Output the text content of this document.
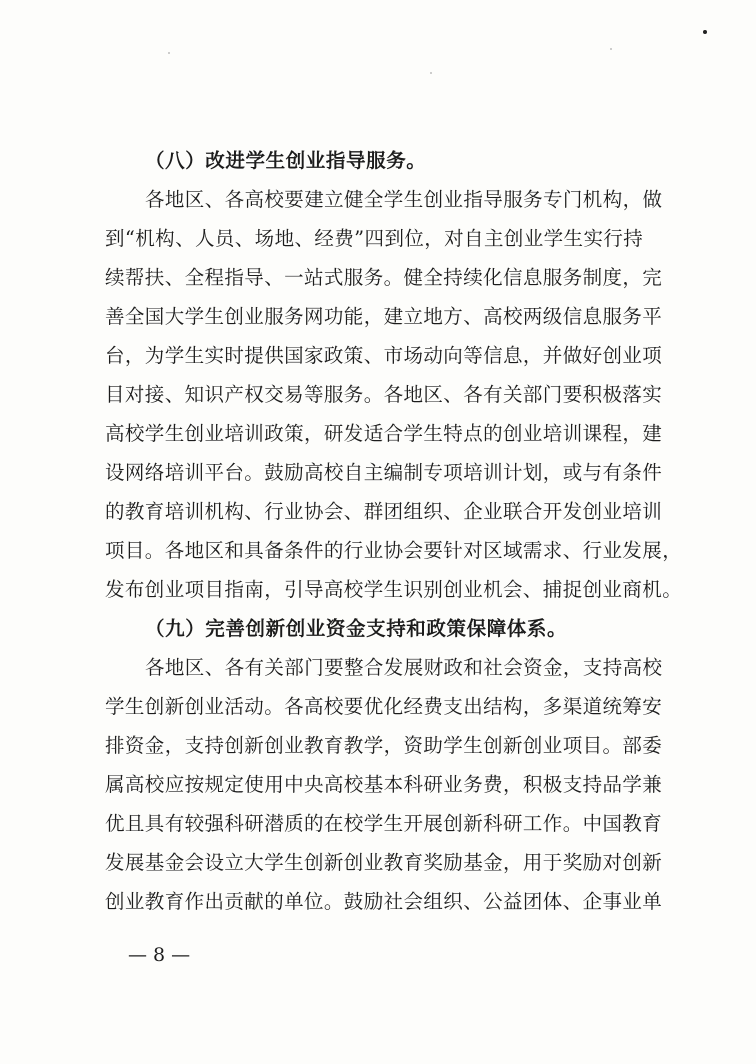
（八）改进学生创业指导服务。
各地区、各高校要建立健全学生创业指导服务专门机构，做
到“机构、人员、场地、经费”四到位，对自主创业学生实行持
续帮扶、全程指导、一站式服务。健全持续化信息服务制度，完
善全国大学生创业服务网功能，建立地方、高校两级信息服务平
台，为学生实时提供国家政策、市场动向等信息，并做好创业项
目对接、知识产权交易等服务。各地区、各有关部门要积极落实
高校学生创业培训政策，研发适合学生特点的创业培训课程，建
设网络培训平台。鼓励高校自主编制专项培训计划，或与有条件
的教育培训机构、行业协会、群团组织、企业联合开发创业培训
项目。各地区和具备条件的行业协会要针对区域需求、行业发展，
发布创业项目指南，引导高校学生识别创业机会、捕捉创业商机。
（九）完善创新创业资金支持和政策保障体系。
各地区、各有关部门要整合发展财政和社会资金，支持高校
学生创新创业活动。各高校要优化经费支出结构，多渠道统筹安
排资金，支持创新创业教育教学，资助学生创新创业项目。部委
属高校应按规定使用中央高校基本科研业务费，积极支持品学兼
优且具有较强科研潜质的在校学生开展创新科研工作。中国教育
发展基金会设立大学生创新创业教育奖励基金，用于奖励对创新
创业教育作出贡献的单位。鼓励社会组织、公益团体、企事业单
— 8 —
